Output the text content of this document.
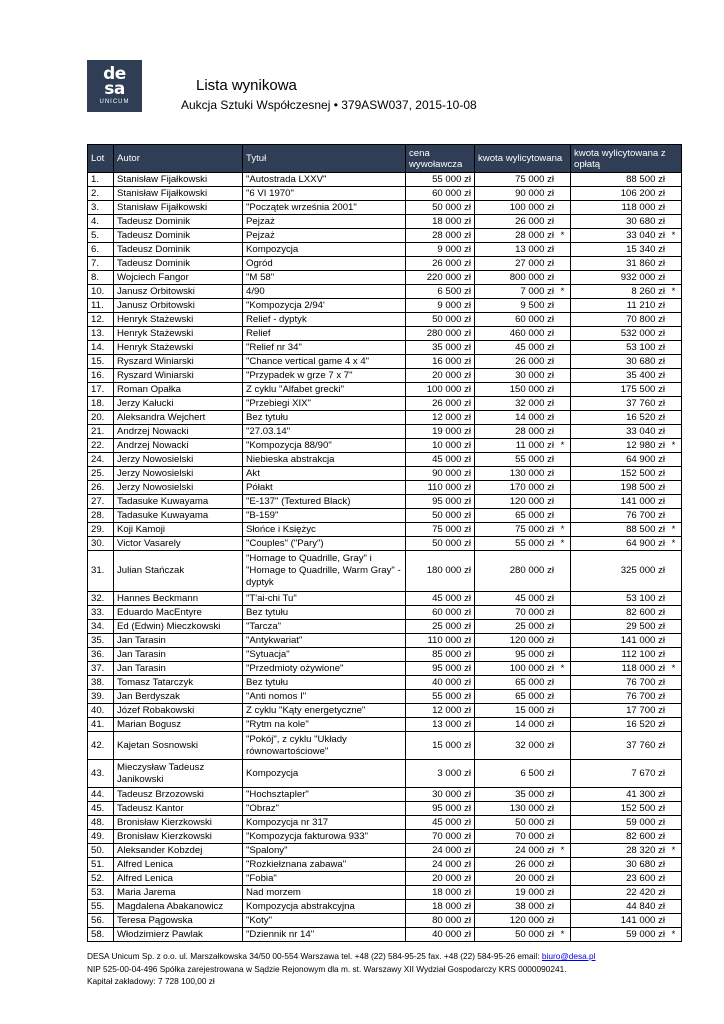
de
sa
UNICUM
Lista wynikowa
Aukcja Sztuki Współczesnej • 379ASW037, 2015-10-08
Lot	Autor	Tytuł	cena wywoławcza	kwota wylicytowana	kwota wylicytowana z opłatą
1.	Stanisław Fijałkowski	"Autostrada LXXV"	55 000 zł	75 000 zł	88 500 zł

2.	Stanisław Fijałkowski	"6 VI 1970"	60 000 zł	90 000 zł	106 200 zł

3.	Stanisław Fijałkowski	"Początek września 2001"	50 000 zł	100 000 zł	118 000 zł

4.	Tadeusz Dominik	Pejzaż	18 000 zł	26 000 zł	30 680 zł

5.	Tadeusz Dominik	Pejzaż	28 000 zł	28 000 zł *	33 040 zł *

6.	Tadeusz Dominik	Kompozycja	9 000 zł	13 000 zł	15 340 zł

7.	Tadeusz Dominik	Ogród	26 000 zł	27 000 zł	31 860 zł

8.	Wojciech Fangor	"M 58"	220 000 zł	800 000 zł	932 000 zł

10.	Janusz Orbitowski	4/90	6 500 zł	7 000 zł *	8 260 zł *

11.	Janusz Orbitowski	"Kompozycja 2/94'	9 000 zł	9 500 zł	11 210 zł

12.	Henryk Stażewski	Relief - dyptyk	50 000 zł	60 000 zł	70 800 zł

13.	Henryk Stażewski	Relief	280 000 zł	460 000 zł	532 000 zł

14.	Henryk Stażewski	"Relief nr 34"	35 000 zł	45 000 zł	53 100 zł

15.	Ryszard Winiarski	"Chance vertical game 4 x 4"	16 000 zł	26 000 zł	30 680 zł

16.	Ryszard Winiarski	"Przypadek w grze 7 x 7"	20 000 zł	30 000 zł	35 400 zł

17.	Roman Opałka	Z cyklu "Alfabet grecki"	100 000 zł	150 000 zł	175 500 zł

18.	Jerzy Kałucki	"Przebiegi XIX"	26 000 zł	32 000 zł	37 760 zł

20.	Aleksandra Wejchert	Bez tytułu	12 000 zł	14 000 zł	16 520 zł

21.	Andrzej Nowacki	"27.03.14"	19 000 zł	28 000 zł	33 040 zł

22.	Andrzej Nowacki	"Kompozycja 88/90"	10 000 zł	11 000 zł *	12 980 zł *

24.	Jerzy Nowosielski	Niebieska abstrakcja	45 000 zł	55 000 zł	64 900 zł

25.	Jerzy Nowosielski	Akt	90 000 zł	130 000 zł	152 500 zł

26.	Jerzy Nowosielski	Półakt	110 000 zł	170 000 zł	198 500 zł

27.	Tadasuke Kuwayama	"E-137" (Textured Black)	95 000 zł	120 000 zł	141 000 zł

28.	Tadasuke Kuwayama	"B-159"	50 000 zł	65 000 zł	76 700 zł

29.	Koji Kamoji	Słońce i Księżyc	75 000 zł	75 000 zł *	88 500 zł *

30.	Victor Vasarely	"Couples" ("Pary")	50 000 zł	55 000 zł *	64 900 zł *

31.	Julian Stańczak	"Homage to Quadrille, Gray" i "Homage to Quadrille, Warm Gray" - dyptyk	180 000 zł	280 000 zł	325 000 zł

32.	Hannes Beckmann	"T'ai-chi Tu"	45 000 zł	45 000 zł	53 100 zł

33.	Eduardo MacEntyre	Bez tytułu	60 000 zł	70 000 zł	82 600 zł

34.	Ed (Edwin) Mieczkowski	"Tarcza"	25 000 zł	25 000 zł	29 500 zł

35.	Jan Tarasin	"Antykwariat"	110 000 zł	120 000 zł	141 000 zł

36.	Jan Tarasin	"Sytuacja"	85 000 zł	95 000 zł	112 100 zł

37.	Jan Tarasin	"Przedmioty ożywione"	95 000 zł	100 000 zł *	118 000 zł *

38.	Tomasz Tatarczyk	Bez tytułu	40 000 zł	65 000 zł	76 700 zł

39.	Jan Berdyszak	"Anti nomos I"	55 000 zł	65 000 zł	76 700 zł

40.	Józef Robakowski	Z cyklu "Kąty energetyczne"	12 000 zł	15 000 zł	17 700 zł

41.	Marian Bogusz	"Rytm na kole"	13 000 zł	14 000 zł	16 520 zł

42.	Kajetan Sosnowski	"Pokój", z cyklu "Układy równowartościowe"	15 000 zł	32 000 zł	37 760 zł

43.	Mieczysław Tadeusz Janikowski	Kompozycja	3 000 zł	6 500 zł	7 670 zł

44.	Tadeusz Brzozowski	"Hochsztapler"	30 000 zł	35 000 zł	41 300 zł

45.	Tadeusz Kantor	"Obraz"	95 000 zł	130 000 zł	152 500 zł

48.	Bronisław Kierzkowski	Kompozycja nr 317	45 000 zł	50 000 zł	59 000 zł

49.	Bronisław Kierzkowski	"Kompozycja fakturowa 933"	70 000 zł	70 000 zł	82 600 zł

50.	Aleksander Kobzdej	"Spalony"	24 000 zł	24 000 zł *	28 320 zł *

51.	Alfred Lenica	"Rozkiełznana zabawa"	24 000 zł	26 000 zł	30 680 zł

52.	Alfred Lenica	"Fobia"	20 000 zł	20 000 zł	23 600 zł

53.	Maria Jarema	Nad morzem	18 000 zł	19 000 zł	22 420 zł

55.	Magdalena Abakanowicz	Kompozycja abstrakcyjna	18 000 zł	38 000 zł	44 840 zł

56.	Teresa Pągowska	"Koty"	80 000 zł	120 000 zł	141 000 zł

58.	Włodzimierz Pawlak	"Dziennik nr 14"	40 000 zł	50 000 zł *	59 000 zł *
DESA Unicum Sp. z o.o. ul. Marszałkowska 34/50 00-554 Warszawa tel. +48 (22) 584-95-25 fax. +48 (22) 584-95-26 email: biuro@desa.pl
NIP 525-00-04-496 Spółka zarejestrowana w Sądzie Rejonowym dla m. st. Warszawy XII Wydział Gospodarczy KRS 0000090241.
Kapitał zakładowy: 7 728 100,00 zł
